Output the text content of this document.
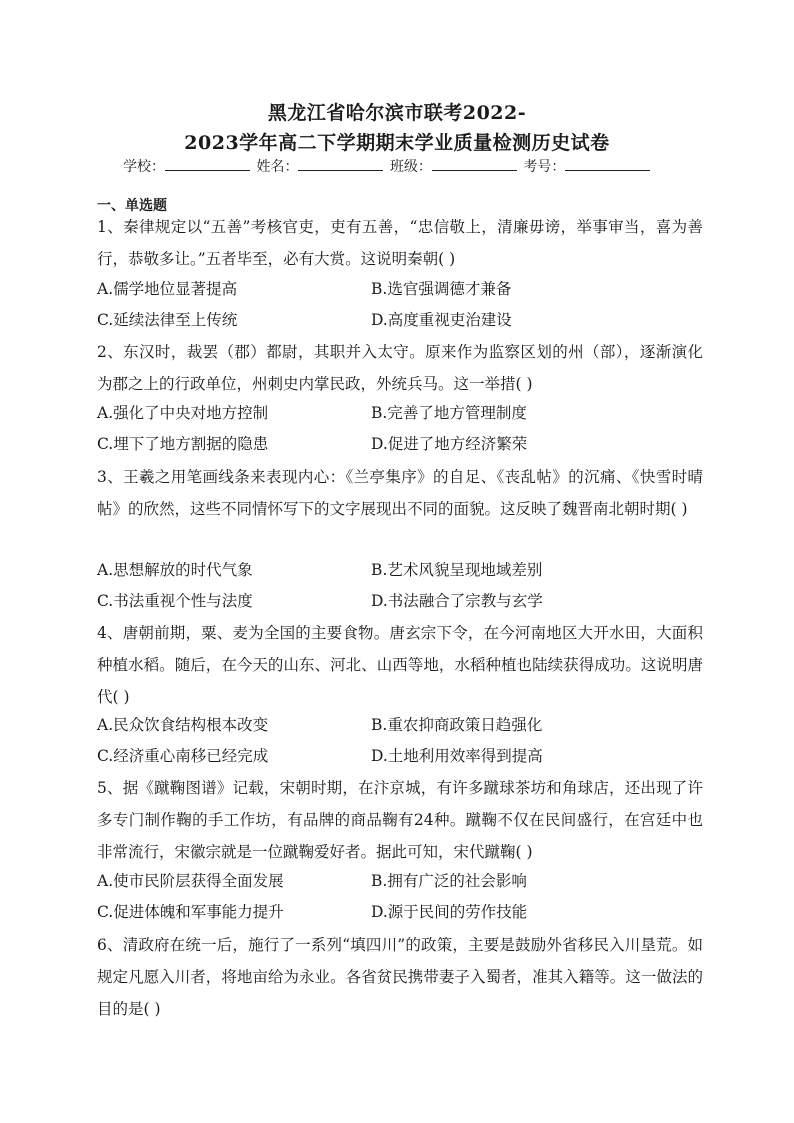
黑龙江省哈尔滨市联考2022-
2023学年高二下学期期末学业质量检测历史试卷
学校：	姓名：	班级：	考号：
一、单选题
1、秦律规定以“五善”考核官吏，吏有五善，“忠信敬上，清廉毋谤，举事审当，喜为善行，恭敬多让。”五者毕至，必有大赏。这说明秦朝( )
A.儒学地位显著提高	B.选官强调德才兼备
C.延续法律至上传统	D.高度重视吏治建设
2、东汉时，裁罢（郡）都尉，其职并入太守。原来作为监察区划的州（部），逐渐演化为郡之上的行政单位，州刺史内掌民政，外统兵马。这一举措( )
A.强化了中央对地方控制	B.完善了地方管理制度
C.埋下了地方割据的隐患	D.促进了地方经济繁荣
3、王羲之用笔画线条来表现内心：《兰亭集序》的自足、《丧乱帖》的沉痛、《快雪时晴帖》的欣然，这些不同情怀写下的文字展现出不同的面貌。这反映了魏晋南北朝时期( )
A.思想解放的时代气象	B.艺术风貌呈现地域差别
C.书法重视个性与法度	D.书法融合了宗教与玄学
4、唐朝前期，粟、麦为全国的主要食物。唐玄宗下令，在今河南地区大开水田，大面积种植水稻。随后，在今天的山东、河北、山西等地，水稻种植也陆续获得成功。这说明唐代( )
A.民众饮食结构根本改变	B.重农抑商政策日趋强化
C.经济重心南移已经完成	D.土地利用效率得到提高
5、据《蹴鞠图谱》记载，宋朝时期，在汴京城，有许多蹴球茶坊和角球店，还出现了许多专门制作鞠的手工作坊，有品牌的商品鞠有24种。蹴鞠不仅在民间盛行，在宫廷中也非常流行，宋徽宗就是一位蹴鞠爱好者。据此可知，宋代蹴鞠( )
A.使市民阶层获得全面发展	B.拥有广泛的社会影响
C.促进体魄和军事能力提升	D.源于民间的劳作技能
6、清政府在统一后，施行了一系列“填四川”的政策，主要是鼓励外省移民入川垦荒。如规定凡愿入川者，将地亩给为永业。各省贫民携带妻子入蜀者，准其入籍等。这一做法的目的是( )
